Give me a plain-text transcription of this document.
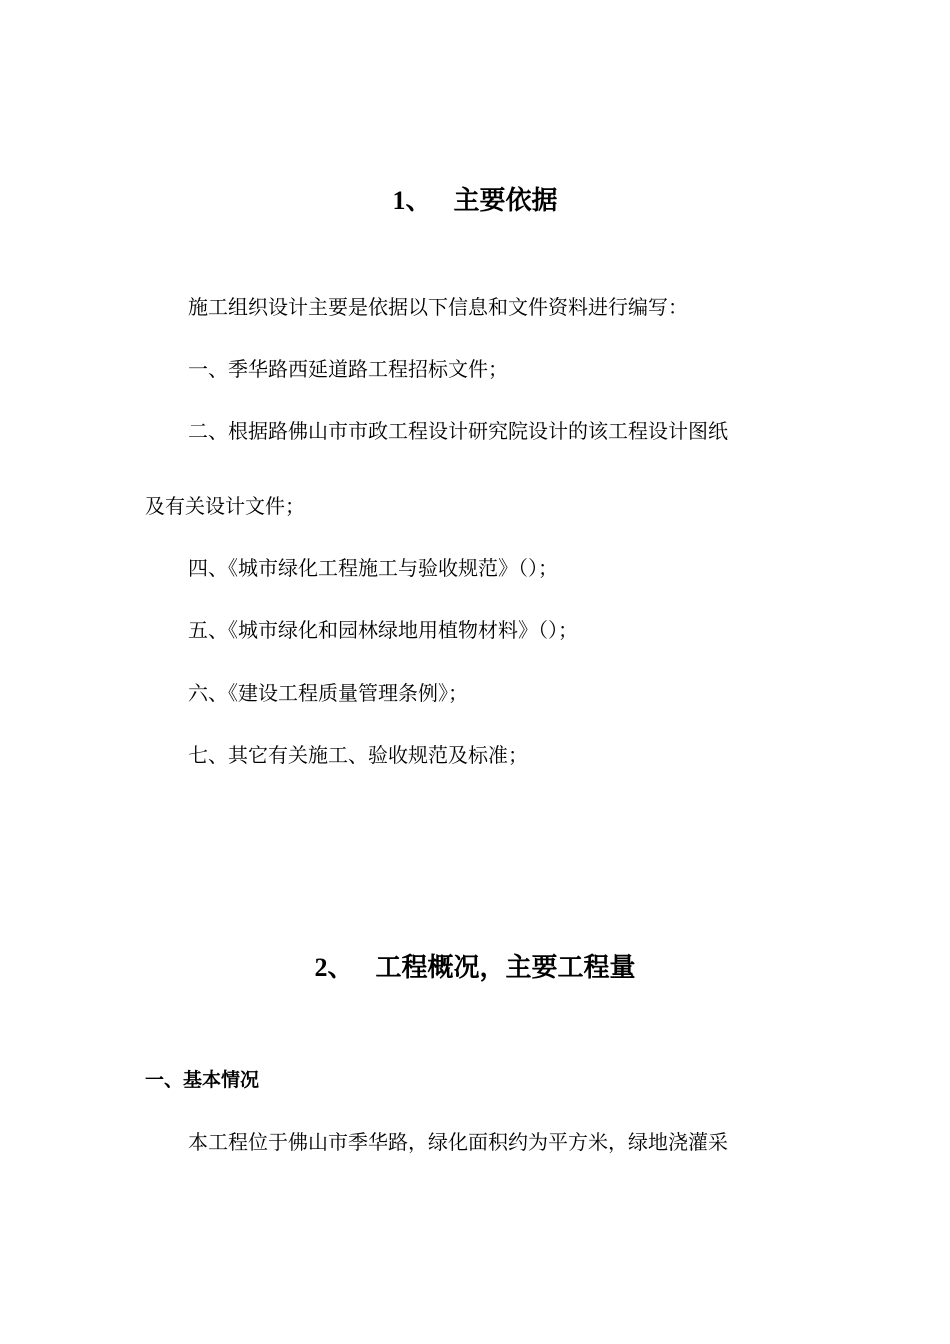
1、 主要依据
施工组织设计主要是依据以下信息和文件资料进行编写：
一、季华路西延道路工程招标文件；
二、根据路佛山市市政工程设计研究院设计的该工程设计图纸
及有关设计文件；
四、《城市绿化工程施工与验收规范》（）；
五、《城市绿化和园林绿地用植物材料》（）；
六、《建设工程质量管理条例》；
七、其它有关施工、验收规范及标准；
2、 工程概况，主要工程量
一、基本情况
本工程位于佛山市季华路，绿化面积约为平方米，绿地浇灌采
